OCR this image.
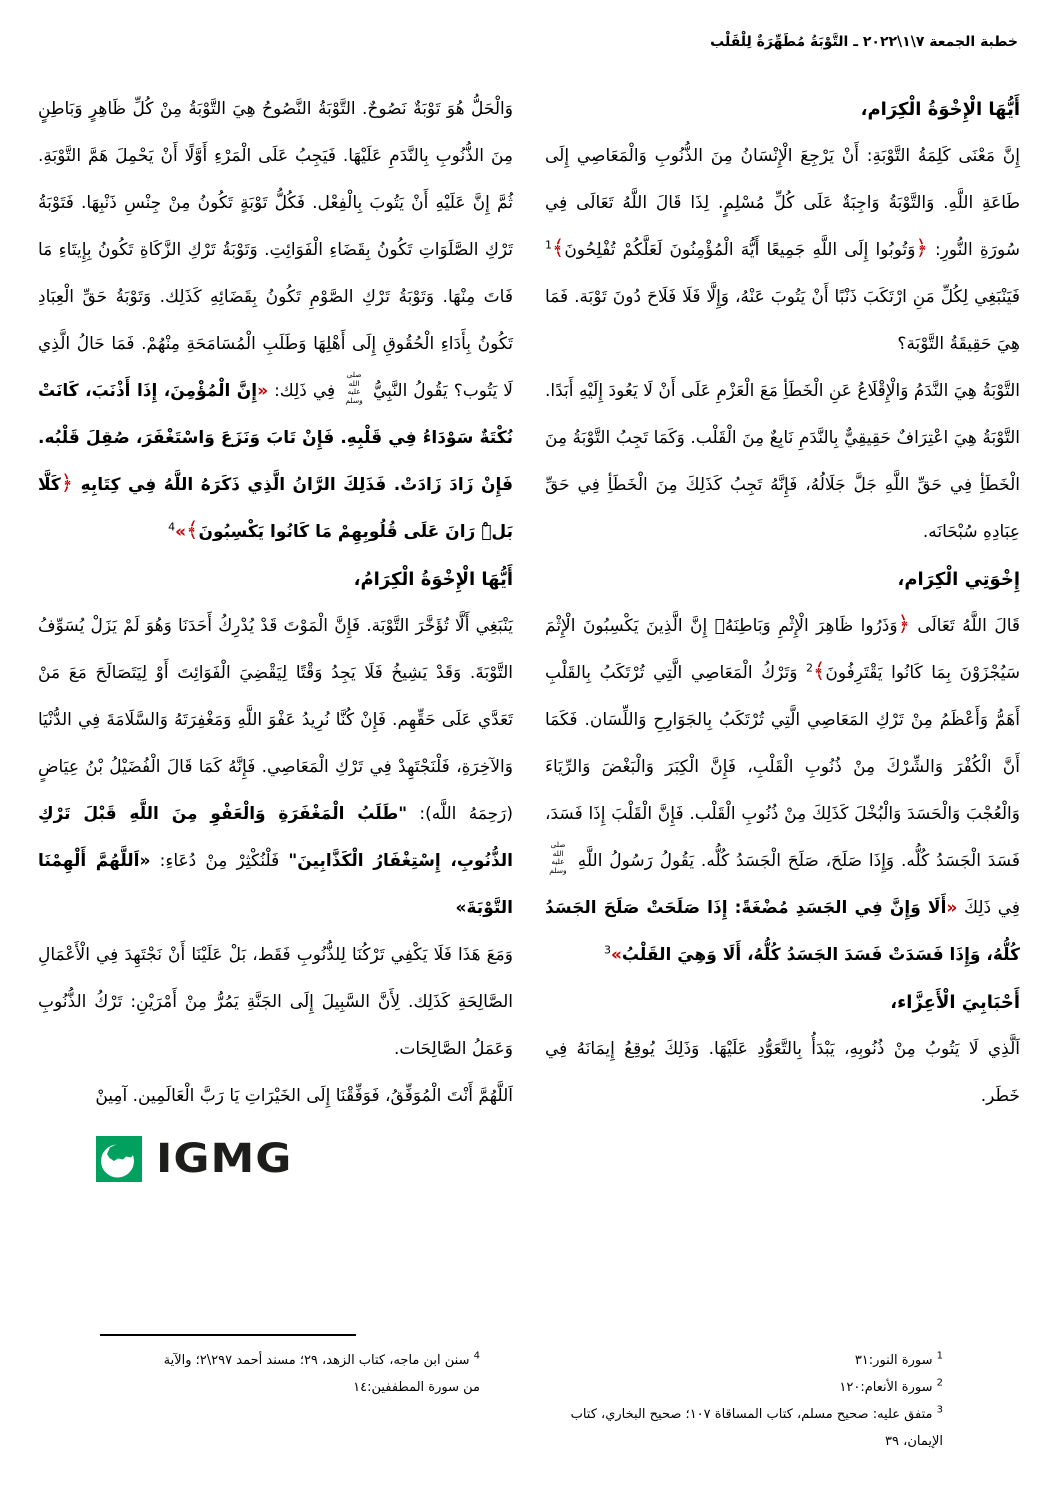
خطبة الجمعة ٧\١\٢٠٢٢ ـ التَّوْبَةُ مُطَهِّرَةٌ لِلْقَلْب
أَيُّهَا الْإِخْوَةُ الْكِرَام،

إِنَّ مَعْنَى كَلِمَةُ التَّوْبَةِ: أَنْ يَرْجِعَ الْإِنْسَانُ مِنَ الذُّنُوبِ وَالْمَعَاصِي إِلَى طَاعَةِ اللَّهِ. وَالتَّوْبَةُ وَاجِبَةٌ عَلَى كُلِّ مُسْلِمٍ. لِذَا قَالَ اللَّهُ تَعَالَى فِي سُورَةِ النُّورِ: ﴿وَتُوبُوا إِلَى اللَّهِ جَمِيعًا أَيُّهَ الْمُؤْمِنُونَ لَعَلَّكُمْ تُفْلِحُونَ﴾$^1$ فَيَنْبَغِي لِكُلِّ مَنِ ارْتَكَبَ ذَنْبًا أَنْ يَتُوبَ عَنْهُ، وَإِلَّا فَلَا فَلَاحَ دُونَ تَوْبَة. فَمَا هِيَ حَقِيقَةُ التَّوْبَة؟

التَّوْبَةُ هِيَ النَّدَمُ وَالْإِقْلَاعُ عَنِ الْخَطَأِ مَعَ الْعَزْمِ عَلَى أَنْ لَا يَعُودَ إِلَيْهِ أَبَدًا. التَّوْبَةُ هِيَ اعْتِرَافٌ حَقِيقِيٌّ بِالنَّدَمِ نَابِعٌ مِنَ الْقَلْب. وَكَمَا تَجِبُ التَّوْبَةُ مِنَ الْخَطَأِ فِي حَقِّ اللَّهِ جَلَّ جَلَالُهُ، فَإِنَّهُ تَجِبُ كَذَلِكَ مِنَ الْخَطَأِ فِي حَقِّ عِبَادِهِ سُبْحَانَه.

إِخْوَتِي الْكِرَام،

قَالَ اللَّهُ تَعَالَى ﴿وَذَرُوا ظَاهِرَ الْإِثْمِ وَبَاطِنَهُۚ إِنَّ الَّذِينَ يَكْسِبُونَ الْإِثْمَ سَيُجْزَوْنَ بِمَا كَانُوا يَقْتَرِفُونَ﴾$^2$ وَتَرْكُ الْمَعَاصِي الَّتِي تُرْتَكَبُ بِالقَلْبِ أَهَمُّ وَأَعْظَمُ مِنْ تَرْكِ المَعَاصِي الَّتِي تُرْتَكَبُ بِالجَوَارِحِ وَاللِّسَان. فَكَمَا أَنَّ الْكُفْرَ وَالشِّرْكَ مِنْ ذُنُوبِ الْقَلْبِ، فَإِنَّ الْكِبَرَ وَالْبَغْضَ وَالرِّيَاءَ وَالْعُجْبَ وَالْحَسَدَ وَالْبُخْلَ كَذَلِكَ مِنْ ذُنُوبِ الْقَلْب. فَإِنَّ الْقَلْبَ إِذَا فَسَدَ، فَسَدَ الْجَسَدُ كُلُّه. وَإِذَا صَلَحَ، صَلَحَ الْجَسَدُ كُلُّه. يَقُولُ رَسُولُ اللَّهِ صلى الله عليه وسلم فِي ذَلِكَ «أَلَا وَإِنَّ فِي الجَسَدِ مُضْغَةً: إِذَا صَلَحَتْ صَلَحَ الجَسَدُ كُلُّهُ، وَإِذَا فَسَدَتْ فَسَدَ الجَسَدُ كُلُّهُ، أَلَا وَهِيَ القَلْبُ»$^3$

أَحْبَابِيَ الْأَعِزَّاء،

اَلَّذِي لَا يَتُوبُ مِنْ ذُنُوبِهِ، يَبْدَأُ بِالتَّعَوُّدِ عَلَيْهَا. وَذَلِكَ يُوقِعُ إِيمَانَهُ فِي خَطَر.

وَالْحَلُّ هُوَ تَوْبَةٌ نَصُوحٌ. التَّوْبَةُ النَّصُوحُ هِيَ التَّوْبَةُ مِنْ كُلِّ ظَاهِرٍ وَبَاطِنٍ مِنَ الذُّنُوبِ بِالنَّدَمِ عَلَيْهَا. فَيَجِبُ عَلَى الْمَرْءِ أَوَّلًا أَنْ يَحْمِلَ هَمَّ التَّوْبَةِ. ثُمَّ إِنَّ عَلَيْهِ أَنْ يَتُوبَ بِالْفِعْل. فَكُلُّ تَوْبَةٍ تَكُونُ مِنْ جِنْسِ ذَنْبِهَا. فَتَوْبَةُ تَرْكِ الصَّلَوَاتِ تَكُونُ بِقَضَاءِ الْفَوَائِتِ. وَتَوْبَةُ تَرْكِ الزَّكَاةِ تَكُونُ بِإِيتَاءِ مَا فَاتَ مِنْهَا. وَتَوْبَةُ تَرْكِ الصَّوْمِ تَكُونُ بِقَضَائِهِ كَذَلِك. وَتَوْبَةُ حَقِّ الْعِبَادِ تَكُونُ بِأَدَاءِ الْحُقُوقِ إِلَى أَهْلِهَا وَطَلَبِ الْمُسَامَحَةِ مِنْهُمْ. فَمَا حَالُ الَّذِي لَا يَتُوب؟ يَقُولُ النَّبِيُّ صلى الله عليه وسلم فِي ذَلِك: «إِنَّ الْمُؤْمِنَ، إِذَا أَذْنَبَ، كَانَتْ نُكْتَةٌ سَوْدَاءُ فِي قَلْبِهِ. فَإِنْ تَابَ وَنَزَعَ وَاسْتَغْفَرَ، صُقِلَ قَلْبُه. فَإِنْ زَادَ زَادَتْ. فَذَلِكَ الرَّانُ الَّذِي ذَكَرَهُ اللَّهُ فِي كِتَابِهِ ﴿كَلَّا بَلْۜ رَانَ عَلَى قُلُوبِهِمْ مَا كَانُوا يَكْسِبُونَ﴾»$^4$

أَيُّهَا الْإِخْوَةُ الْكِرَامُ،

يَنْبَغِي أَلَّا تُؤَخَّرَ التَّوْبَة. فَإِنَّ الْمَوْتَ قَدْ يُدْرِكُ أَحَدَنَا وَهُوَ لَمْ يَزَلْ يُسَوِّفُ التَّوْبَةَ. وَقَدْ يَشِيخُ فَلَا يَجِدُ وَقْتًا لِيَقْضِيَ الْفَوَائِتَ أَوْ لِيَتَصَالَحَ مَعَ مَنْ تَعَدَّي عَلَى حَقِّهِم. فَإِنْ كُنَّا نُرِيدُ عَفْوَ اللَّهِ وَمَغْفِرَتَهُ وَالسَّلَامَةَ فِي الدُّنْيَا وَالآخِرَةِ، فَلْنَجْتَهِدْ فِي تَرْكِ الْمَعَاصِي. فَإِنَّهُ كَمَا قَالَ الْفُضَيْلُ بْنُ عِيَاضٍ (رَحِمَهُ اللَّه): "طَلَبُ الْمَغْفَرَةِ وَالْعَفْوِ مِنَ اللَّهِ قَبْلَ تَرْكِ الذُّنُوبِ، إِسْتِغْفَارُ الْكَذَّابِينَ" فَلْنُكْثِرْ مِنْ دُعَاءِ: «اَللَّهُمَّ أَلْهِمْنَا التَّوْبَةَ»

وَمَعَ هَذَا فَلَا يَكْفِي تَرْكُنَا لِلذُّنُوبِ فَقَط، بَلْ عَلَيْنَا أَنْ نَجْتَهِدَ فِي الْأَعْمَالِ الصَّالِحَةِ كَذَلِك. لِأَنَّ السَّبِيلَ إِلَى الجَنَّةِ يَمُرُّ مِنْ أَمْرَيْنِ: تَرْكُ الذُّنُوبِ وَعَمَلُ الصَّالِحَات.

اَللَّهُمَّ أَنْتَ الْمُوَفِّقُ، فَوَفِّقْنَا إِلَى الخَيْرَاتِ يَا رَبَّ الْعَالَمِين. آمِينْ

IGMG
$^4$ سنن ابن ماجه، كتاب الزهد، ٢٩؛ مسند أحمد ٢٩٧\٢؛ والآية من سورة المطففين:١٤
$^1$ سورة النور:٣١
$^2$ سورة الأنعام:١٢٠
$^3$ متفق عليه: صحيح مسلم، كتاب المساقاة ١٠٧؛ صحيح البخاري، كتاب الإيمان، ٣٩
